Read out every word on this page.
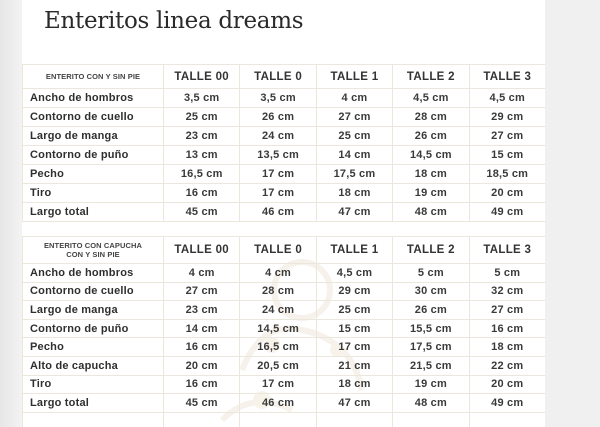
Enteritos linea dreams
ENTERITO CON Y SIN PIE	TALLE 00	TALLE 0	TALLE 1	TALLE 2	TALLE 3
Ancho de hombros	3,5 cm	3,5 cm	4 cm	4,5 cm	4,5 cm
Contorno de cuello	25 cm	26 cm	27 cm	28 cm	29 cm
Largo de manga	23 cm	24 cm	25 cm	26 cm	27 cm
Contorno de puño	13 cm	13,5 cm	14 cm	14,5 cm	15 cm
Pecho	16,5 cm	17 cm	17,5 cm	18 cm	18,5 cm
Tiro	16 cm	17 cm	18 cm	19 cm	20 cm
Largo total	45 cm	46 cm	47 cm	48 cm	49 cm
ENTERITO CON CAPUCHA
CON Y SIN PIE	TALLE 00	TALLE 0	TALLE 1	TALLE 2	TALLE 3
Ancho de hombros	4 cm	4 cm	4,5 cm	5 cm	5 cm
Contorno de cuello	27 cm	28 cm	29 cm	30 cm	32 cm
Largo de manga	23 cm	24 cm	25 cm	26 cm	27 cm
Contorno de puño	14 cm	14,5 cm	15 cm	15,5 cm	16 cm
Pecho	16 cm	16,5 cm	17 cm	17,5 cm	18 cm
Alto de capucha	20 cm	20,5 cm	21 cm	21,5 cm	22 cm
Tiro	16 cm	17 cm	18 cm	19 cm	20 cm
Largo total	45 cm	46 cm	47 cm	48 cm	49 cm
